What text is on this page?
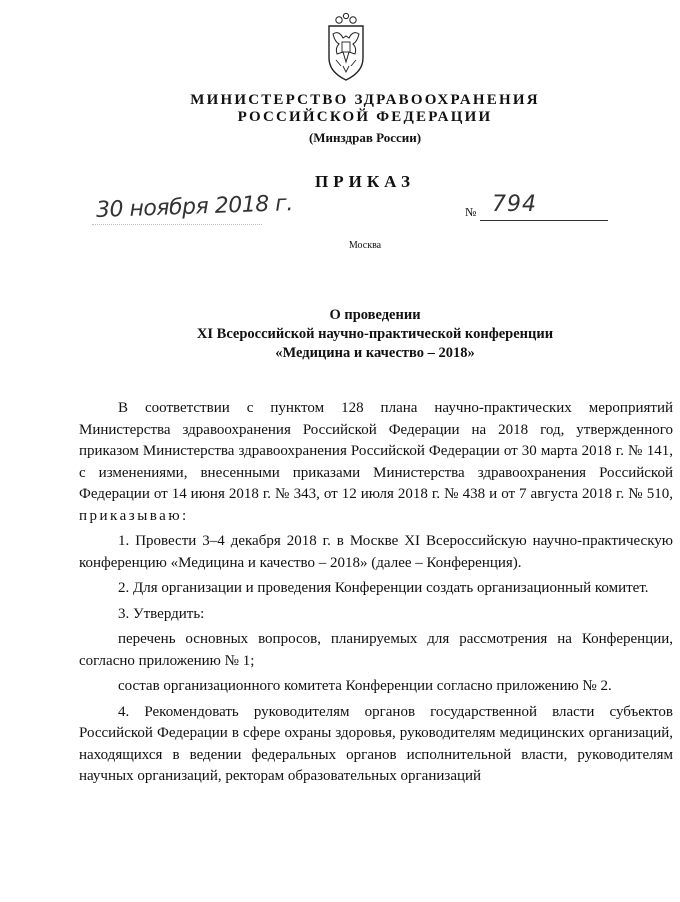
МИНИСТЕРСТВО ЗДРАВООХРАНЕНИЯ
РОССИЙСКОЙ ФЕДЕРАЦИИ
(Минздрав России)
ПРИКАЗ
30 ноября 2018 г.	№ 794
Москва
О проведении
XI Всероссийской научно-практической конференции
«Медицина и качество – 2018»

В соответствии с пунктом 128 плана научно-практических мероприятий Министерства здравоохранения Российской Федерации на 2018 год, утвержденного приказом Министерства здравоохранения Российской Федерации от 30 марта 2018 г. № 141, с изменениями, внесенными приказами Министерства здравоохранения Российской Федерации от 14 июня 2018 г. № 343, от 12 июля 2018 г. № 438 и от 7 августа 2018 г. № 510, приказываю:

1. Провести 3–4 декабря 2018 г. в Москве XI Всероссийскую научно-практическую конференцию «Медицина и качество – 2018» (далее – Конференция).

2. Для организации и проведения Конференции создать организационный комитет.

3. Утвердить:

перечень основных вопросов, планируемых для рассмотрения на Конференции, согласно приложению № 1;

состав организационного комитета Конференции согласно приложению № 2.

4. Рекомендовать руководителям органов государственной власти субъектов Российской Федерации в сфере охраны здоровья, руководителям медицинских организаций, находящихся в ведении федеральных органов исполнительной власти, руководителям научных организаций, ректорам образовательных организаций
